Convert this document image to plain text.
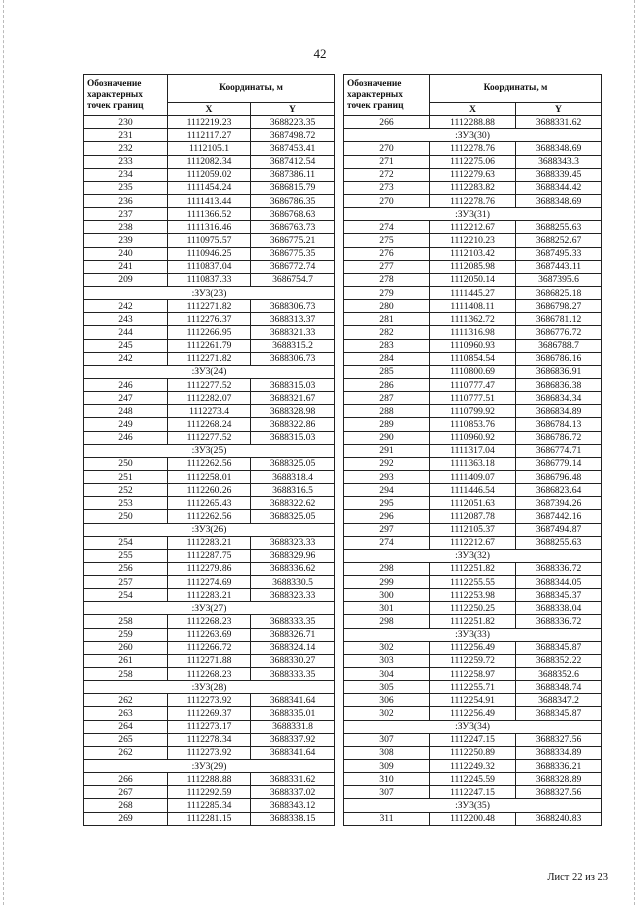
42
Обозначение характерных точек границ	Координаты, м	
	X	Y
230	1112219.23	3688223.35
231	1112117.27	3687498.72
232	1112105.1	3687453.41
233	1112082.34	3687412.54
234	1112059.02	3687386.11
235	1111454.24	3686815.79
236	1111413.44	3686786.35
237	1111366.52	3686768.63
238	1111316.46	3686763.73
239	1110975.57	3686775.21
240	1110946.25	3686775.35
241	1110837.04	3686772.74
209	1110837.33	3686754.7
:ЗУ3(23)		
242	1112271.82	3688306.73
243	1112276.37	3688313.37
244	1112266.95	3688321.33
245	1112261.79	3688315.2
242	1112271.82	3688306.73
:ЗУ3(24)		
246	1112277.52	3688315.03
247	1112282.07	3688321.67
248	1112273.4	3688328.98
249	1112268.24	3688322.86
246	1112277.52	3688315.03
:ЗУ3(25)		
250	1112262.56	3688325.05
251	1112258.01	3688318.4
252	1112260.26	3688316.5
253	1112265.43	3688322.62
250	1112262.56	3688325.05
:ЗУ3(26)		
254	1112283.21	3688323.33
255	1112287.75	3688329.96
256	1112279.86	3688336.62
257	1112274.69	3688330.5
254	1112283.21	3688323.33
:ЗУ3(27)		
258	1112268.23	3688333.35
259	1112263.69	3688326.71
260	1112266.72	3688324.14
261	1112271.88	3688330.27
258	1112268.23	3688333.35
:ЗУ3(28)		
262	1112273.92	3688341.64
263	1112269.37	3688335.01
264	1112273.17	3688331.8
265	1112278.34	3688337.92
262	1112273.92	3688341.64
:ЗУ3(29)		
266	1112288.88	3688331.62
267	1112292.59	3688337.02
268	1112285.34	3688343.12
269	1112281.15	3688338.15
Обозначение характерных точек границ	Координаты, м	
	X	Y
266	1112288.88	3688331.62
:ЗУ3(30)		
270	1112278.76	3688348.69
271	1112275.06	3688343.3
272	1112279.63	3688339.45
273	1112283.82	3688344.42
270	1112278.76	3688348.69
:ЗУ3(31)		
274	1112212.67	3688255.63
275	1112210.23	3688252.67
276	1112103.42	3687495.33
277	1112085.98	3687443.11
278	1112050.14	3687395.6
279	1111445.27	3686825.18
280	1111408.11	3686798.27
281	1111362.72	3686781.12
282	1111316.98	3686776.72
283	1110960.93	3686788.7
284	1110854.54	3686786.16
285	1110800.69	3686836.91
286	1110777.47	3686836.38
287	1110777.51	3686834.34
288	1110799.92	3686834.89
289	1110853.76	3686784.13
290	1110960.92	3686786.72
291	1111317.04	3686774.71
292	1111363.18	3686779.14
293	1111409.07	3686796.48
294	1111446.54	3686823.64
295	1112051.63	3687394.26
296	1112087.78	3687442.16
297	1112105.37	3687494.87
274	1112212.67	3688255.63
:ЗУ3(32)		
298	1112251.82	3688336.72
299	1112255.55	3688344.05
300	1112253.98	3688345.37
301	1112250.25	3688338.04
298	1112251.82	3688336.72
:ЗУ3(33)		
302	1112256.49	3688345.87
303	1112259.72	3688352.22
304	1112258.97	3688352.6
305	1112255.71	3688348.74
306	1112254.91	3688347.2
302	1112256.49	3688345.87
:ЗУ3(34)		
307	1112247.15	3688327.56
308	1112250.89	3688334.89
309	1112249.32	3688336.21
310	1112245.59	3688328.89
307	1112247.15	3688327.56
:ЗУ3(35)		
311	1112200.48	3688240.83
Лист 22 из 23
